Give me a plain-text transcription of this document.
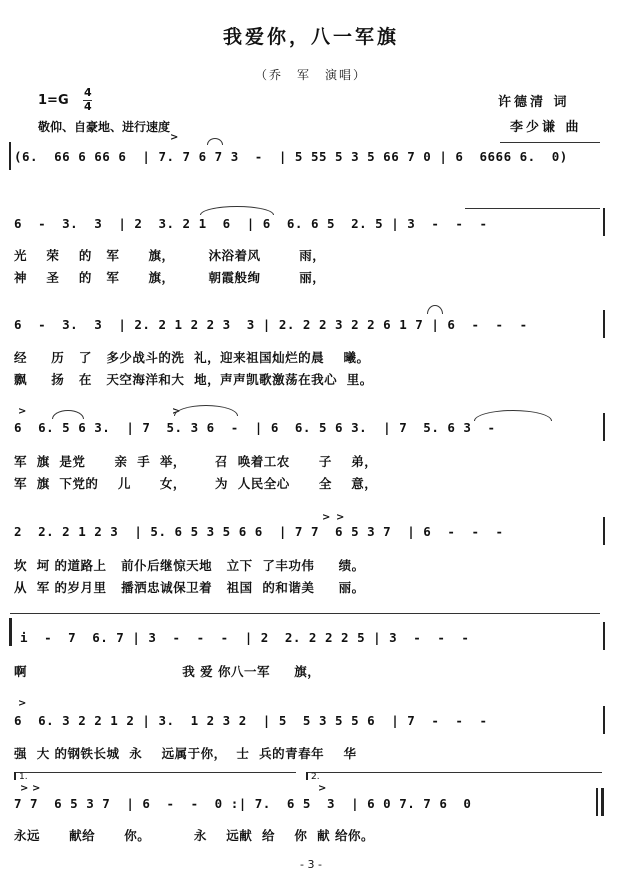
我爱你，八一军旗
（乔　军　演唱）
1=G
4
4
敬仰、自豪地、进行速度
许德清 词
李少谦 曲
(6.  66 6 66 6  | 7. 7 6 7 3  -  | 5 55 5 3 5 66 7 0 | 6  6666 6.  0)
>
6  -  3.  3  | 2  3. 2 1  6  | 6  6. 6 5  2. 5 | 3  -  -  -
光    荣    的   军      旗，       沐浴着风        雨，
神    圣    的   军      旗，       朝霞般绚        丽，
6  -  3.  3  | 2. 2 1 2 2 3  3 | 2. 2 2 3 2 2 6 1 7 | 6  -  -  -
经     历   了   多少战斗的洗  礼，迎来祖国灿烂的晨    曦。
飘     扬   在   天空海洋和大  地，声声凯歌激荡在我心  里。
>	>
6  6. 5 6 3.  | 7  5. 3 6  -  | 6  6. 5 6 3.  | 7  5. 6 3  -
军  旗  是党      亲  手  举，      召  唤着工农      子    弟，
军  旗  下党的    儿      女，      为  人民全心      全    意，
> >
2  2. 2 1 2 3  | 5. 6 5 3 5 6 6  | 7 7  6 5 3 7  | 6  -  -  -
坎  坷 的道路上   前仆后继惊天地   立下  了丰功伟     绩。
从  军 的岁月里   播洒忠诚保卫着   祖国  的和谐美     丽。
i  -  7  6. 7 | 3  -  -  -  | 2  2. 2 2 2 5 | 3  -  -  -
啊                                我 爱 你八一军     旗，
>
6  6. 3 2 2 1 2 | 3.  1 2 3 2  | 5  5 3 5 5 6  | 7  -  -  -
强  大 的钢铁长城  永    远属于你，  士  兵的青春年    华
1.	2.
> >	>
7 7  6 5 3 7  | 6  -  -  0 :| 7.  6 5  3  | 6 0 7. 7 6  0
永远      献给      你。         永    远献  给    你  献 给你。
- 3 -
